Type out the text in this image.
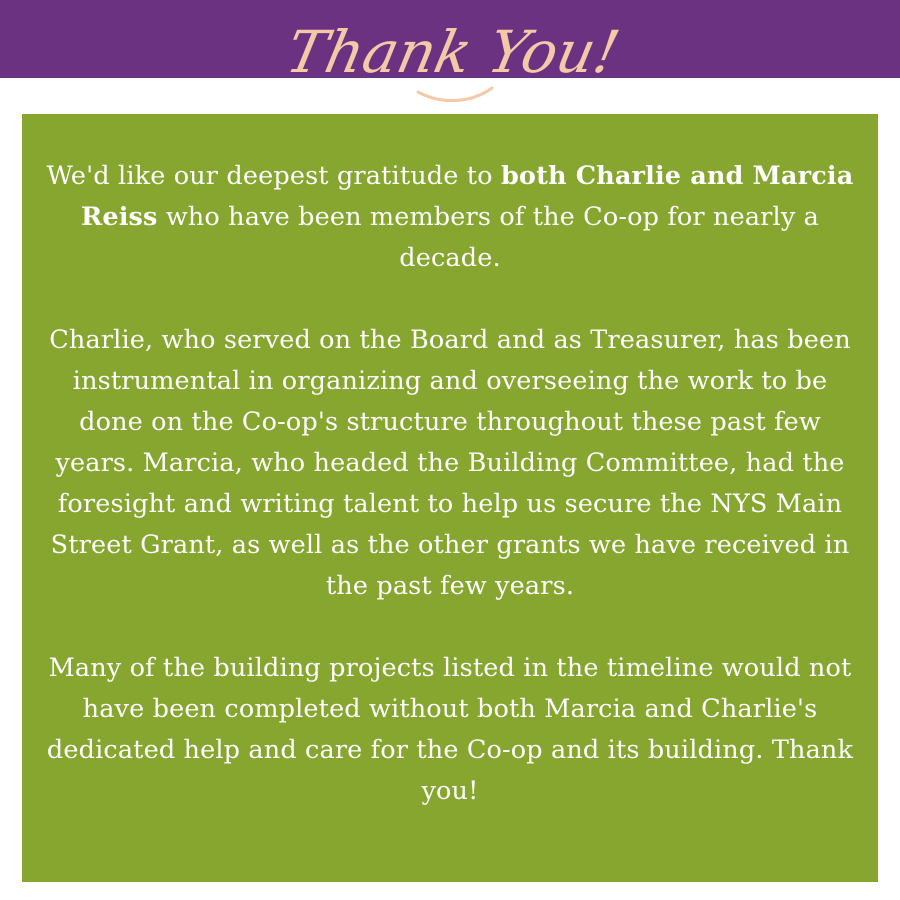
Thank You!

We'd like our deepest gratitude to both Charlie and Marcia Reiss who have been members of the Co-op for nearly a decade.

Charlie, who served on the Board and as Treasurer, has been instrumental in organizing and overseeing the work to be done on the Co-op's structure throughout these past few years. Marcia, who headed the Building Committee, had the foresight and writing talent to help us secure the NYS Main Street Grant, as well as the other grants we have received in the past few years.

Many of the building projects listed in the timeline would not have been completed without both Marcia and Charlie's dedicated help and care for the Co-op and its building. Thank you!
